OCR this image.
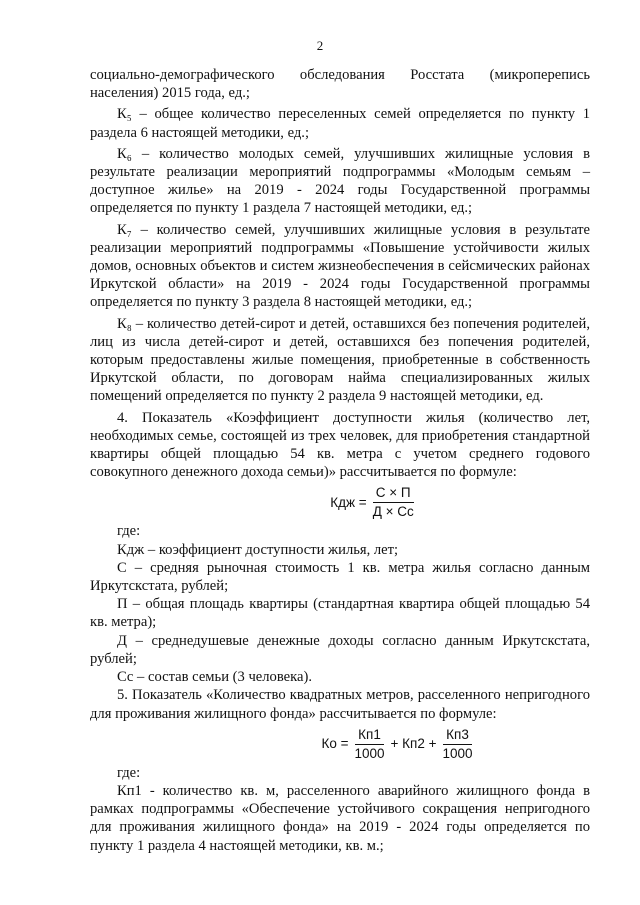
2

социально-демографического обследования Росстата (микроперепись населения) 2015 года, ед.;

К₅ – общее количество переселенных семей определяется по пункту 1 раздела 6 настоящей методики, ед.;

К₆ – количество молодых семей, улучшивших жилищные условия в результате реализации мероприятий подпрограммы «Молодым семьям – доступное жилье» на 2019 - 2024 годы Государственной программы определяется по пункту 1 раздела 7 настоящей методики, ед.;

К₇ – количество семей, улучшивших жилищные условия в результате реализации мероприятий подпрограммы «Повышение устойчивости жилых домов, основных объектов и систем жизнеобеспечения в сейсмических районах Иркутской области» на 2019 - 2024 годы Государственной программы определяется по пункту 3 раздела 8 настоящей методики, ед.;

К₈ – количество детей-сирот и детей, оставшихся без попечения родителей, лиц из числа детей-сирот и детей, оставшихся без попечения родителей, которым предоставлены жилые помещения, приобретенные в собственность Иркутской области, по договорам найма специализированных жилых помещений определяется по пункту 2 раздела 9 настоящей методики, ед.

4. Показатель «Коэффициент доступности жилья (количество лет, необходимых семье, состоящей из трех человек, для приобретения стандартной квартиры общей площадью 54 кв. метра с учетом среднего годового совокупного денежного дохода семьи)» рассчитывается по формуле:

Кдж = $\frac{С \times П}{Д \times Сс}$

где:

Кдж – коэффициент доступности жилья, лет;

С – средняя рыночная стоимость 1 кв. метра жилья согласно данным Иркутскстата, рублей;

П – общая площадь квартиры (стандартная квартира общей площадью 54 кв. метра);

Д – среднедушевые денежные доходы согласно данным Иркутскстата, рублей;

Сс – состав семьи (3 человека).

5. Показатель «Количество квадратных метров, расселенного непригодного для проживания жилищного фонда» рассчитывается по формуле:

Ко = $\frac{Кп1}{1000} + Кп2 + \frac{Кп3}{1000}$

где:

Кп1 - количество кв. м, расселенного аварийного жилищного фонда в рамках подпрограммы «Обеспечение устойчивого сокращения непригодного для проживания жилищного фонда» на 2019 - 2024 годы определяется по пункту 1 раздела 4 настоящей методики, кв. м.;
